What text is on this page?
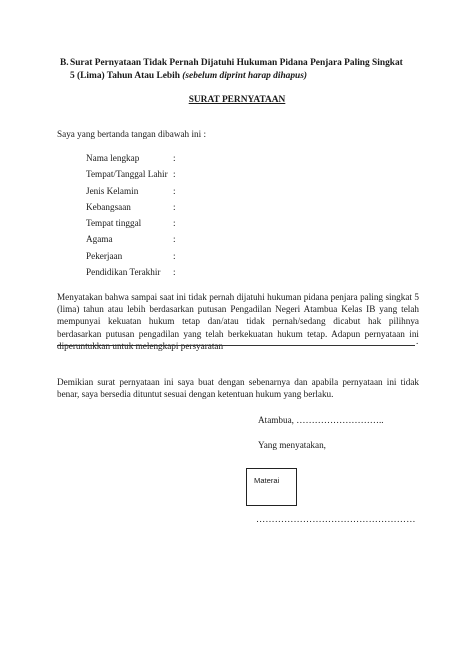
B. Surat Pernyataan Tidak Pernah Dijatuhi Hukuman Pidana Penjara Paling Singkat
5 (Lima) Tahun Atau Lebih (sebelum diprint harap dihapus)
SURAT PERNYATAAN
Saya yang bertanda tangan dibawah ini :
Nama lengkap	:
Tempat/Tanggal Lahir :
Jenis Kelamin	:
Kebangsaan	:
Tempat tinggal	:
Agama	:
Pekerjaan	:
Pendidikan Terakhir :
Menyatakan bahwa sampai saat ini tidak pernah dijatuhi hukuman pidana penjara paling singkat 5
(lima) tahun atau lebih berdasarkan putusan Pengadilan Negeri Atambua Kelas IB yang telah
mempunyai kekuatan hukum tetap dan/atau tidak pernah/sedang dicabut hak pilihnya
berdasarkan putusan pengadilan yang telah berkekuatan hukum tetap. Adapun pernyataan ini
diperuntukkan untuk melengkapi persyaratan	.
Demikian surat pernyataan ini saya buat dengan sebenarnya dan apabila pernyataan ini tidak
benar, saya bersedia dituntut sesuai dengan ketentuan hukum yang berlaku.
Atambua, ………………………..
Yang menyatakan,
Materai
……………………………………………
